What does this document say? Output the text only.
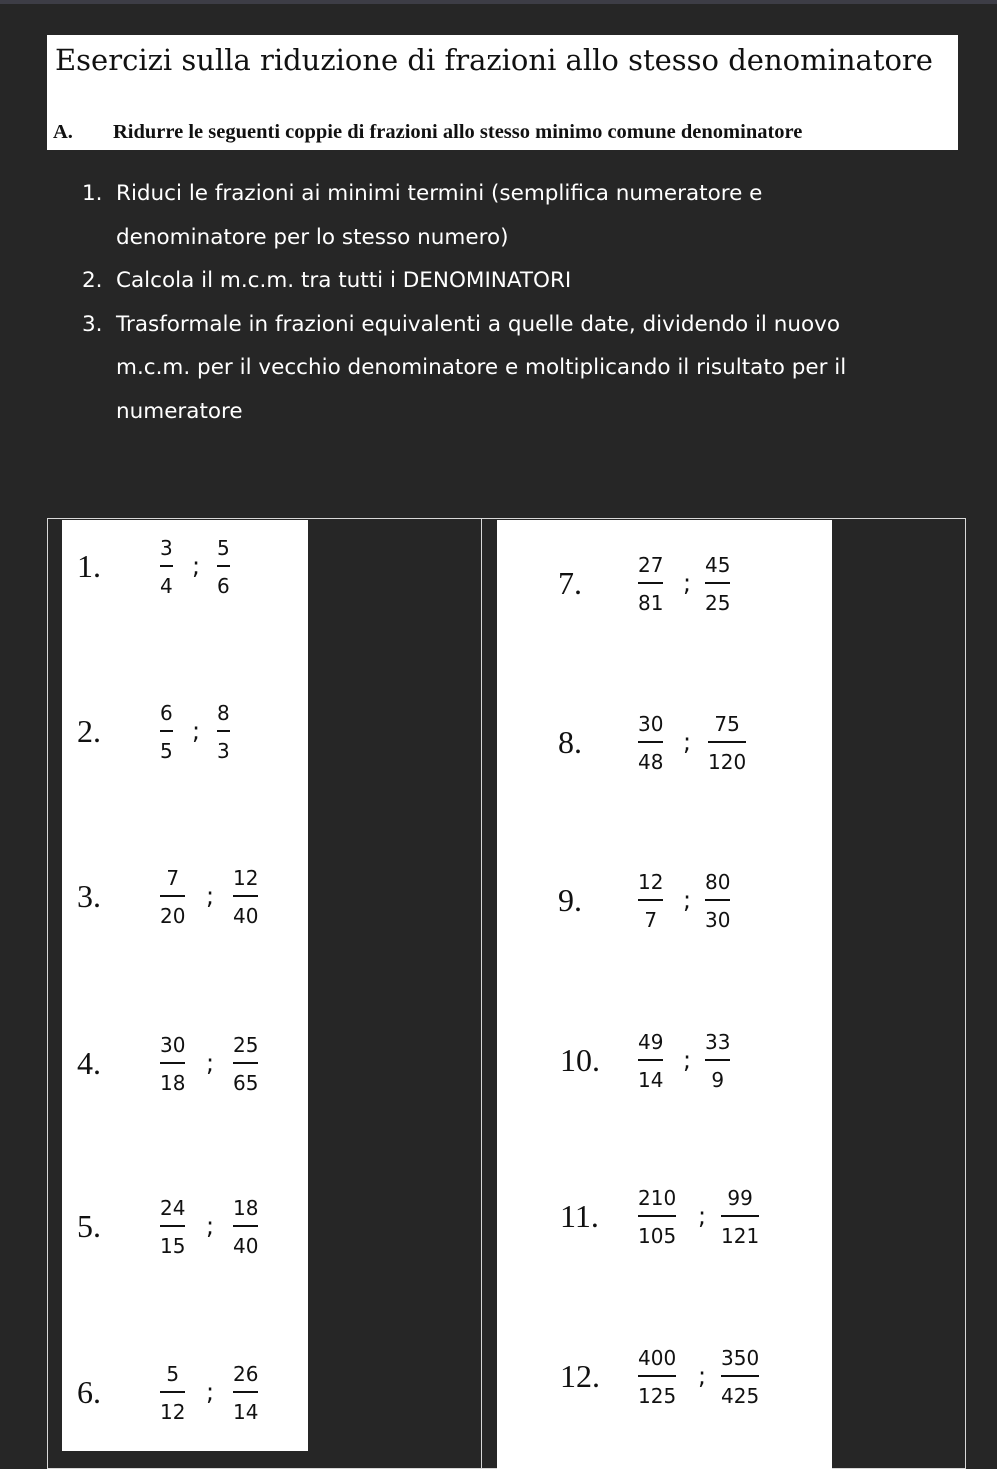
Esercizi sulla riduzione di frazioni allo stesso denominatore
A. Ridurre le seguenti coppie di frazioni allo stesso minimo comune denominatore
1. Riduci le frazioni ai minimi termini (semplifica numeratore e
denominatore per lo stesso numero)
2. Calcola il m.c.m. tra tutti i DENOMINATORI
3. Trasformale in frazioni equivalenti a quelle date, dividendo il nuovo
m.c.m. per il vecchio denominatore e moltiplicando il risultato per il
numeratore
1.	3
4
;
5
6
2.	6
5
;
8
3
3.	7
20
;
12
40
4.	30
18
;
25
65
5.	24
15
;
18
40
6.	5
12
;
26
14
7.	27
81
;
45
25
8.	30
48
;
75
120
9.	12
7
;
80
30
10. 49
14
;
33
9
11. 210
105
;
99
121
12. 400
125
;
350
425
